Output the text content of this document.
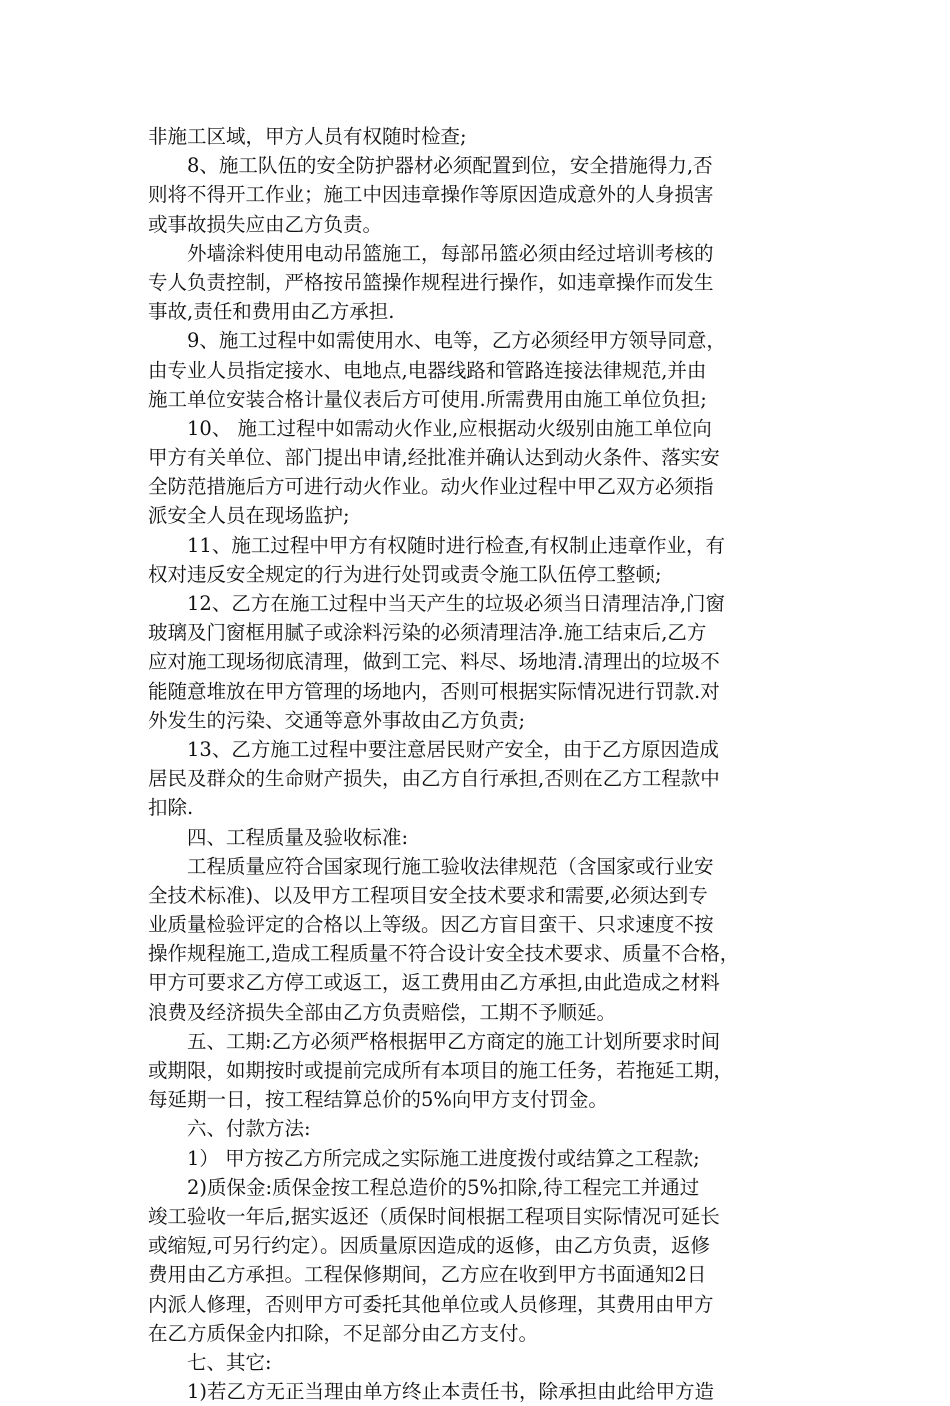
非施工区域，甲方人员有权随时检查;
8、施工队伍的安全防护器材必须配置到位，安全措施得力,否
则将不得开工作业；施工中因违章操作等原因造成意外的人身损害
或事故损失应由乙方负责。
外墙涂料使用电动吊篮施工，每部吊篮必须由经过培训考核的
专人负责控制，严格按吊篮操作规程进行操作，如违章操作而发生
事故,责任和费用由乙方承担.
9、施工过程中如需使用水、电等，乙方必须经甲方领导同意，
由专业人员指定接水、电地点,电器线路和管路连接法律规范,并由
施工单位安装合格计量仪表后方可使用.所需费用由施工单位负担;
10、 施工过程中如需动火作业,应根据动火级别由施工单位向
甲方有关单位、部门提出申请,经批准并确认达到动火条件、落实安
全防范措施后方可进行动火作业。动火作业过程中甲乙双方必须指
派安全人员在现场监护;
11、施工过程中甲方有权随时进行检查,有权制止违章作业，有
权对违反安全规定的行为进行处罚或责令施工队伍停工整顿;
12、乙方在施工过程中当天产生的垃圾必须当日清理洁净,门窗
玻璃及门窗框用腻子或涂料污染的必须清理洁净.施工结束后,乙方
应对施工现场彻底清理，做到工完、料尽、场地清.清理出的垃圾不
能随意堆放在甲方管理的场地内，否则可根据实际情况进行罚款.对
外发生的污染、交通等意外事故由乙方负责;
13、乙方施工过程中要注意居民财产安全，由于乙方原因造成
居民及群众的生命财产损失，由乙方自行承担,否则在乙方工程款中
扣除.
四、工程质量及验收标准:
工程质量应符合国家现行施工验收法律规范（含国家或行业安
全技术标准)、以及甲方工程项目安全技术要求和需要,必须达到专
业质量检验评定的合格以上等级。因乙方盲目蛮干、只求速度不按
操作规程施工,造成工程质量不符合设计安全技术要求、质量不合格，
甲方可要求乙方停工或返工，返工费用由乙方承担,由此造成之材料
浪费及经济损失全部由乙方负责赔偿，工期不予顺延。
五、工期:乙方必须严格根据甲乙方商定的施工计划所要求时间
或期限，如期按时或提前完成所有本项目的施工任务，若拖延工期，
每延期一日，按工程结算总价的5%向甲方支付罚金。
六、付款方法:
1） 甲方按乙方所完成之实际施工进度拨付或结算之工程款;
2)质保金:质保金按工程总造价的5%扣除,待工程完工并通过
竣工验收一年后,据实返还（质保时间根据工程项目实际情况可延长
或缩短,可另行约定）。因质量原因造成的返修，由乙方负责，返修
费用由乙方承担。工程保修期间，乙方应在收到甲方书面通知2日
内派人修理，否则甲方可委托其他单位或人员修理，其费用由甲方
在乙方质保金内扣除，不足部分由乙方支付。
七、其它:
1)若乙方无正当理由单方终止本责任书，除承担由此给甲方造
